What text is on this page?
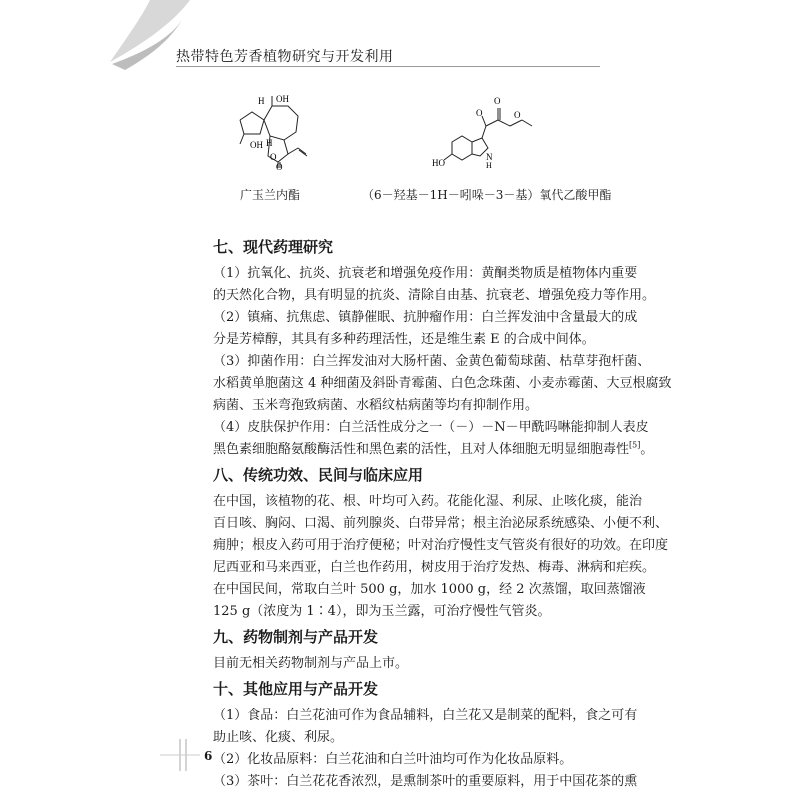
热带特色芳香植物研究与开发利用
H OH
OH H
O
O
广玉兰内酯
HO
N
H
O
O	O
（6－羟基－1H－吲哚－3－基）氧代乙酸甲酯
七、现代药理研究
（1）抗氧化、抗炎、抗衰老和增强免疫作用：黄酮类物质是植物体内重要
的天然化合物，具有明显的抗炎、清除自由基、抗衰老、增强免疫力等作用。
（2）镇痛、抗焦虑、镇静催眠、抗肿瘤作用：白兰挥发油中含量最大的成
分是芳樟醇，其具有多种药理活性，还是维生素 E 的合成中间体。
（3）抑菌作用：白兰挥发油对大肠杆菌、金黄色葡萄球菌、枯草芽孢杆菌、
水稻黄单胞菌这 4 种细菌及斜卧青霉菌、白色念珠菌、小麦赤霉菌、大豆根腐致
病菌、玉米弯孢致病菌、水稻纹枯病菌等均有抑制作用。
（4）皮肤保护作用：白兰活性成分之一（－）－N－甲酰吗啉能抑制人表皮
黑色素细胞酪氨酸酶活性和黑色素的活性，且对人体细胞无明显细胞毒性[5]。
八、传统功效、民间与临床应用
在中国，该植物的花、根、叶均可入药。花能化湿、利尿、止咳化痰，能治
百日咳、胸闷、口渴、前列腺炎、白带异常；根主治泌尿系统感染、小便不利、
痈肿；根皮入药可用于治疗便秘；叶对治疗慢性支气管炎有很好的功效。在印度
尼西亚和马来西亚，白兰也作药用，树皮用于治疗发热、梅毒、淋病和疟疾。
在中国民间，常取白兰叶 500 g，加水 1000 g，经 2 次蒸馏，取回蒸馏液
125 g（浓度为 1∶4），即为玉兰露，可治疗慢性气管炎。
九、药物制剂与产品开发
目前无相关药物制剂与产品上市。
十、其他应用与产品开发
（1）食品：白兰花油可作为食品辅料，白兰花又是制菜的配料，食之可有
助止咳、化痰、利尿。
（2）化妆品原料：白兰花油和白兰叶油均可作为化妆品原料。
（3）茶叶：白兰花花香浓烈，是熏制茶叶的重要原料，用于中国花茶的熏
6
